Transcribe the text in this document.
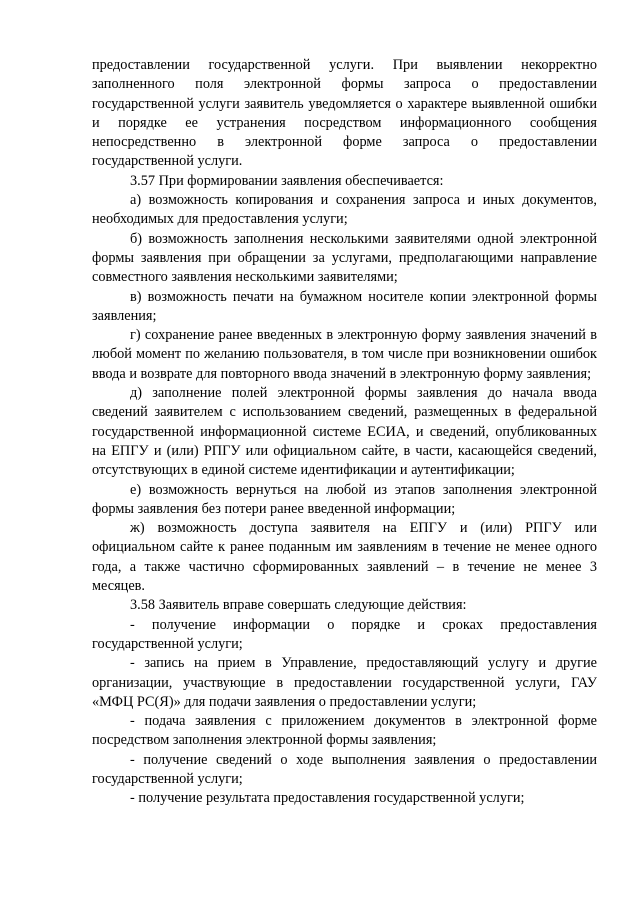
предоставлении государственной услуги. При выявлении некорректно заполненного поля электронной формы запроса о предоставлении государственной услуги заявитель уведомляется о характере выявленной ошибки и порядке ее устранения посредством информационного сообщения непосредственно в электронной форме запроса о предоставлении государственной услуги.

3.57 При формировании заявления обеспечивается:

а) возможность копирования и сохранения запроса и иных документов, необходимых для предоставления услуги;

б) возможность заполнения несколькими заявителями одной электронной формы заявления при обращении за услугами, предполагающими направление совместного заявления несколькими заявителями;

в) возможность печати на бумажном носителе копии электронной формы заявления;

г) сохранение ранее введенных в электронную форму заявления значений в любой момент по желанию пользователя, в том числе при возникновении ошибок ввода и возврате для повторного ввода значений в электронную форму заявления;

д) заполнение полей электронной формы заявления до начала ввода сведений заявителем с использованием сведений, размещенных в федеральной государственной информационной системе ЕСИА, и сведений, опубликованных на ЕПГУ и (или) РПГУ или официальном сайте, в части, касающейся сведений, отсутствующих в единой системе идентификации и аутентификации;

е) возможность вернуться на любой из этапов заполнения электронной формы заявления без потери ранее введенной информации;

ж) возможность доступа заявителя на ЕПГУ и (или) РПГУ или официальном сайте к ранее поданным им заявлениям в течение не менее одного года, а также частично сформированных заявлений – в течение не менее 3 месяцев.

3.58 Заявитель вправе совершать следующие действия:

- получение информации о порядке и сроках предоставления государственной услуги;

- запись на прием в Управление, предоставляющий услугу и другие организации, участвующие в предоставлении государственной услуги, ГАУ «МФЦ РС(Я)» для подачи заявления о предоставлении услуги;

- подача заявления с приложением документов в электронной форме посредством заполнения электронной формы заявления;

- получение сведений о ходе выполнения заявления о предоставлении государственной услуги;

- получение результата предоставления государственной услуги;
